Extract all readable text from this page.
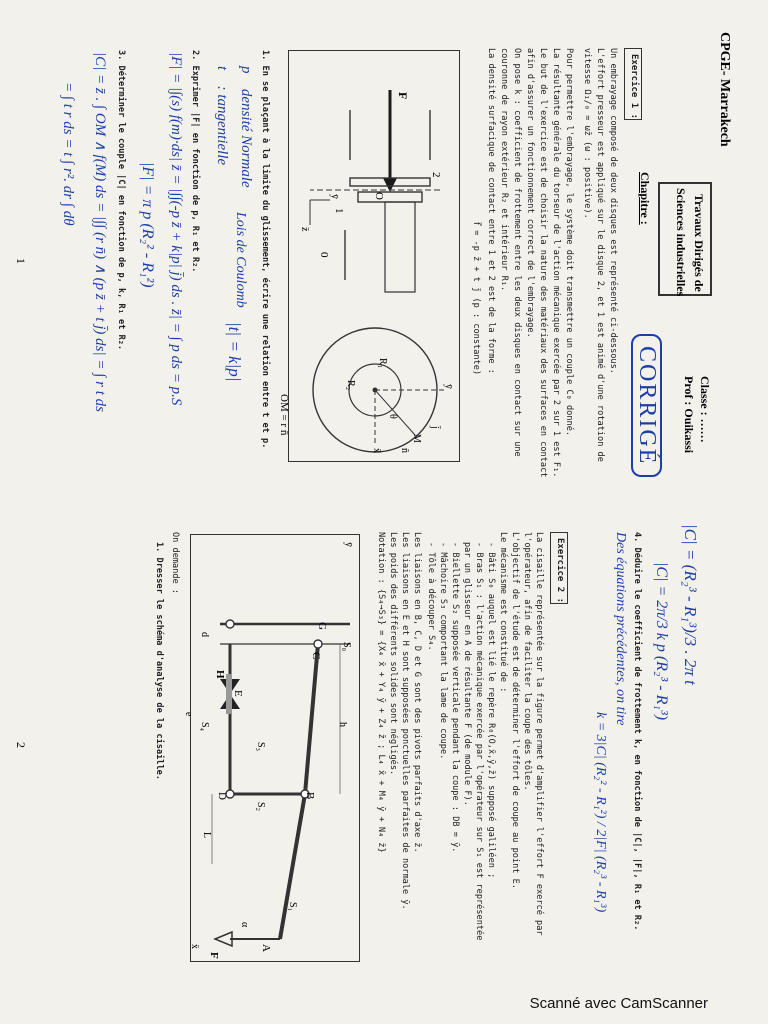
CPGE- Marrakech
Travaux Dirigés de
Sciences industrielles
Chapitre :
Classe : ……
Prof : Ouikassi
CORRIGÉ
Exercice 1 :
Un embrayage composé de deux disques est représenté ci-dessous.
L'effort presseur est appliqué sur le disque 2, et 1 est animé d'une rotation de
vitesse Ω₁/₀ = ωz̄ (ω : positive).
Pour permettre l'embrayage, le système doit transmettre un couple C₀ donné.
La résultante générale du torseur de l'action mécanique exercée par 2 sur 1 est F₁.
Le but de l'exercice est de choisir la nature des matériaux des surfaces en contact
afin d'assurer un fonctionnement correct de l'embrayage.
On pose k : coefficient de frottement entre les deux disques en contact sur une
couronne de rayon extérieur R₂ et intérieur R₁.
La densité surfacique de contact entre 1 et 2 est de la forme :
f⃗ = -p z̄ + t j̄ (p : constante)
F⃗
2
1
0
O
ȳ
z̄
ȳ
x̄
R₁
R₂
M
n̄
j̄
θ
OM = r n̄
1. En se plaçant à la limite du glissement, écrire une relation entre t et p.
p⃗ densité Normale
t⃗ : tangentielle
Lois de Coulomb
|t| = k|p|
2. Exprimer |F| en fonction de p, R₁ et R₂.
|F| = |∫(s) f(m)·ds| z̄ = |∫∫(-p z̄ + k|p| j̄) ds . z̄| = ∫ p ds = p.S
|F| = π p (R₂² - R₁²)
3. Déterminer le couple |C| en fonction de p, k, R₁ et R₂.
|C| = z̄ . ∫ OM ∧ f(M) ds = |∫∫ (r n̄) ∧ (p z̄ + t j̄) ds| = ∫ r t ds
= ∫ t r ds = t ∫ r². dr ∫ dθ
1
|C| = (R₂³ - R₁³)/3 . 2π t
|C| = 2π/3 k p (R₂³ - R₁³)
4. Déduire le coefficient de frottement k, en fonction de |C|, |F|, R₁ et R₂.
Des équations précédentes, on tire
k = 3|C| (R₂² - R₁²) / 2|F| (R₂³ - R₁³)
Exercice 2 :
La cisaille représentée sur la figure permet d'amplifier l'effort F exercé par
l'opérateur, afin de faciliter la coupe des tôles.
L'objectif de l'étude est de déterminer l'effort de coupe au point E.
Le mécanisme est constitué de :
- Bâti S₀ auquel est lié le repère R₀(O,x̄,ȳ,z̄) supposé galiléen ;
- Bras S₁ : l'action mécanique exercée par l'opérateur sur S₁ est représentée
par un glisseur en A de résultante F (de module F).
- Biellette S₂ supposée verticale pendant la coupe : DB = ȳ.
- Mâchoire S₃ comportant la lame de coupe.
- Tôle à découper S₄.
Les liaisons en B, C, D et G sont des pivots parfaits d'axe z̄.
Les liaisons en E et H sont supposées ponctuelles parfaites de normale ȳ.
Les poids des différents solides sont négligés.
Notation : {S₄→S₃} = {X₄ x̄ + Y₄ ȳ + Z₄ z̄ ; L₄ x̄ + M₄ ȳ + N₄ z̄}
G
C
B
D
E
H
A
F⃗
S₀
S₁
S₂
S₃
S₄
d
e
h
L
α
ȳ
x̄
On demande :
1. Dresser le schéma d'analyse de la cisaille.
2
Scanné avec CamScanner
